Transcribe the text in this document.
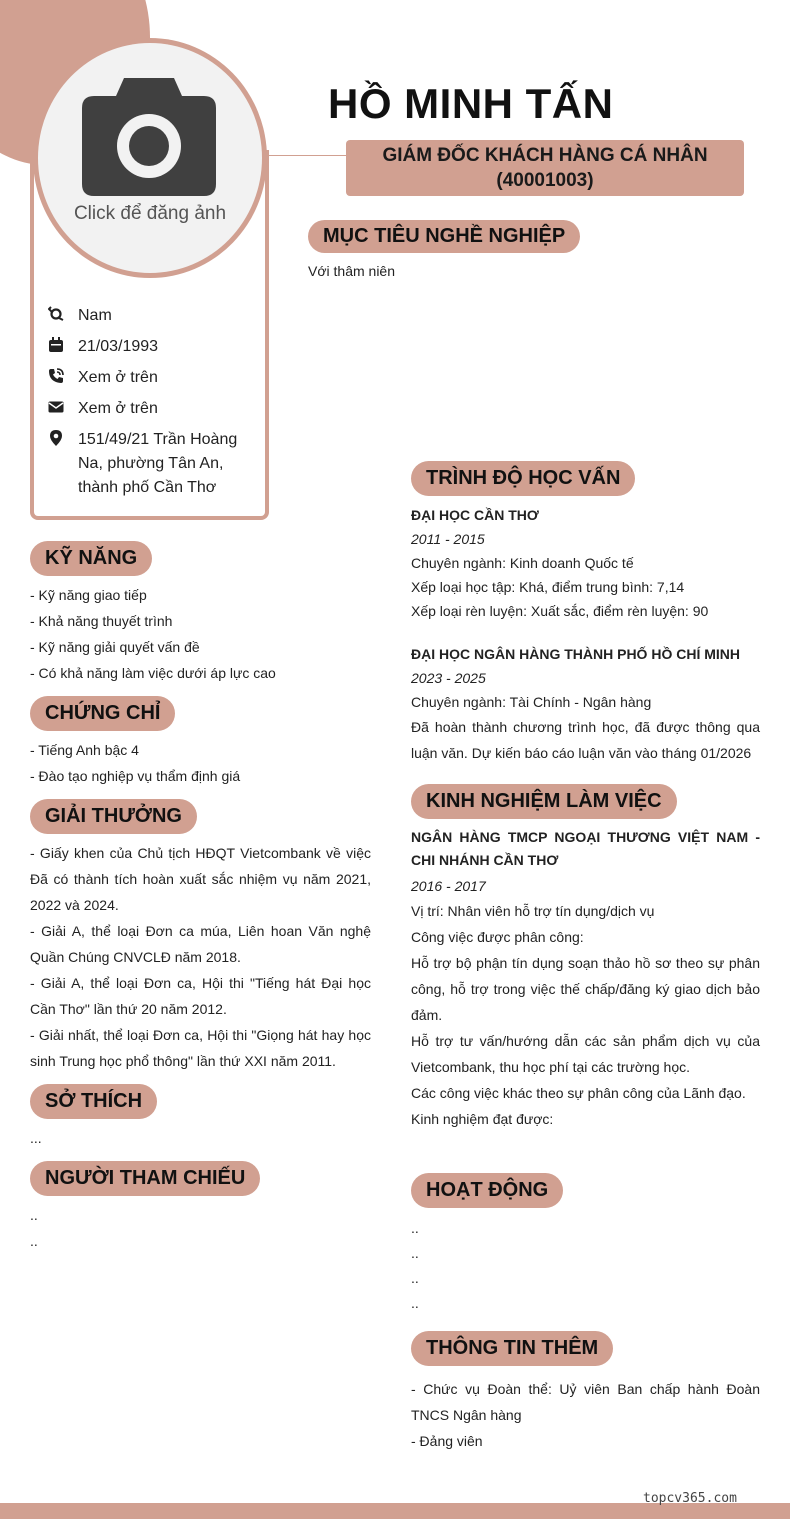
Click để đăng ảnh
HỒ MINH TẤN
GIÁM ĐỐC KHÁCH HÀNG CÁ NHÂN
(40001003)
Nam
21/03/1993
Xem ở trên
Xem ở trên
151/49/21 Trần Hoàng Na, phường Tân An, thành phố Cần Thơ
MỤC TIÊU NGHỀ NGHIỆP
Với thâm niên
KỸ NĂNG
- Kỹ năng giao tiếp
- Khả năng thuyết trình
- Kỹ năng giải quyết vấn đề
- Có khả năng làm việc dưới áp lực cao
CHỨNG CHỈ
- Tiếng Anh bậc 4
- Đào tạo nghiệp vụ thẩm định giá
GIẢI THƯỞNG
- Giấy khen của Chủ tịch HĐQT Vietcombank về việc Đã có thành tích hoàn xuất sắc nhiệm vụ năm 2021, 2022 và 2024.
- Giải A, thể loại Đơn ca múa, Liên hoan Văn nghệ Quần Chúng CNVCLĐ năm 2018.
- Giải A, thể loại Đơn ca, Hội thi "Tiếng hát Đại học Cần Thơ" lần thứ 20 năm 2012.
- Giải nhất, thể loại Đơn ca, Hội thi "Giọng hát hay học sinh Trung học phổ thông" lần thứ XXI năm 2011.
SỞ THÍCH
...
NGƯỜI THAM CHIẾU
..
..
TRÌNH ĐỘ HỌC VẤN
ĐẠI HỌC CẦN THƠ
2011 - 2015
Chuyên ngành: Kinh doanh Quốc tế
Xếp loại học tập: Khá, điểm trung bình: 7,14
Xếp loại rèn luyện: Xuất sắc, điểm rèn luyện: 90
ĐẠI HỌC NGÂN HÀNG THÀNH PHỐ HỒ CHÍ MINH
2023 - 2025
Chuyên ngành: Tài Chính - Ngân hàng
Đã hoàn thành chương trình học, đã được thông qua luận văn. Dự kiến báo cáo luận văn vào tháng 01/2026
KINH NGHIỆM LÀM VIỆC
NGÂN HÀNG TMCP NGOẠI THƯƠNG VIỆT NAM - CHI NHÁNH CẦN THƠ
2016 - 2017
Vị trí: Nhân viên hỗ trợ tín dụng/dịch vụ
Công việc được phân công:
Hỗ trợ bộ phận tín dụng soạn thảo hồ sơ theo sự phân công, hỗ trợ trong việc thế chấp/đăng ký giao dịch bảo đảm.
Hỗ trợ tư vấn/hướng dẫn các sản phẩm dịch vụ của Vietcombank, thu học phí tại các trường học.
Các công việc khác theo sự phân công của Lãnh đạo.
Kinh nghiệm đạt được:
HOẠT ĐỘNG
..
..
..
..
THÔNG TIN THÊM
- Chức vụ Đoàn thể: Uỷ viên Ban chấp hành Đoàn TNCS Ngân hàng
- Đảng viên
topcv365.com
